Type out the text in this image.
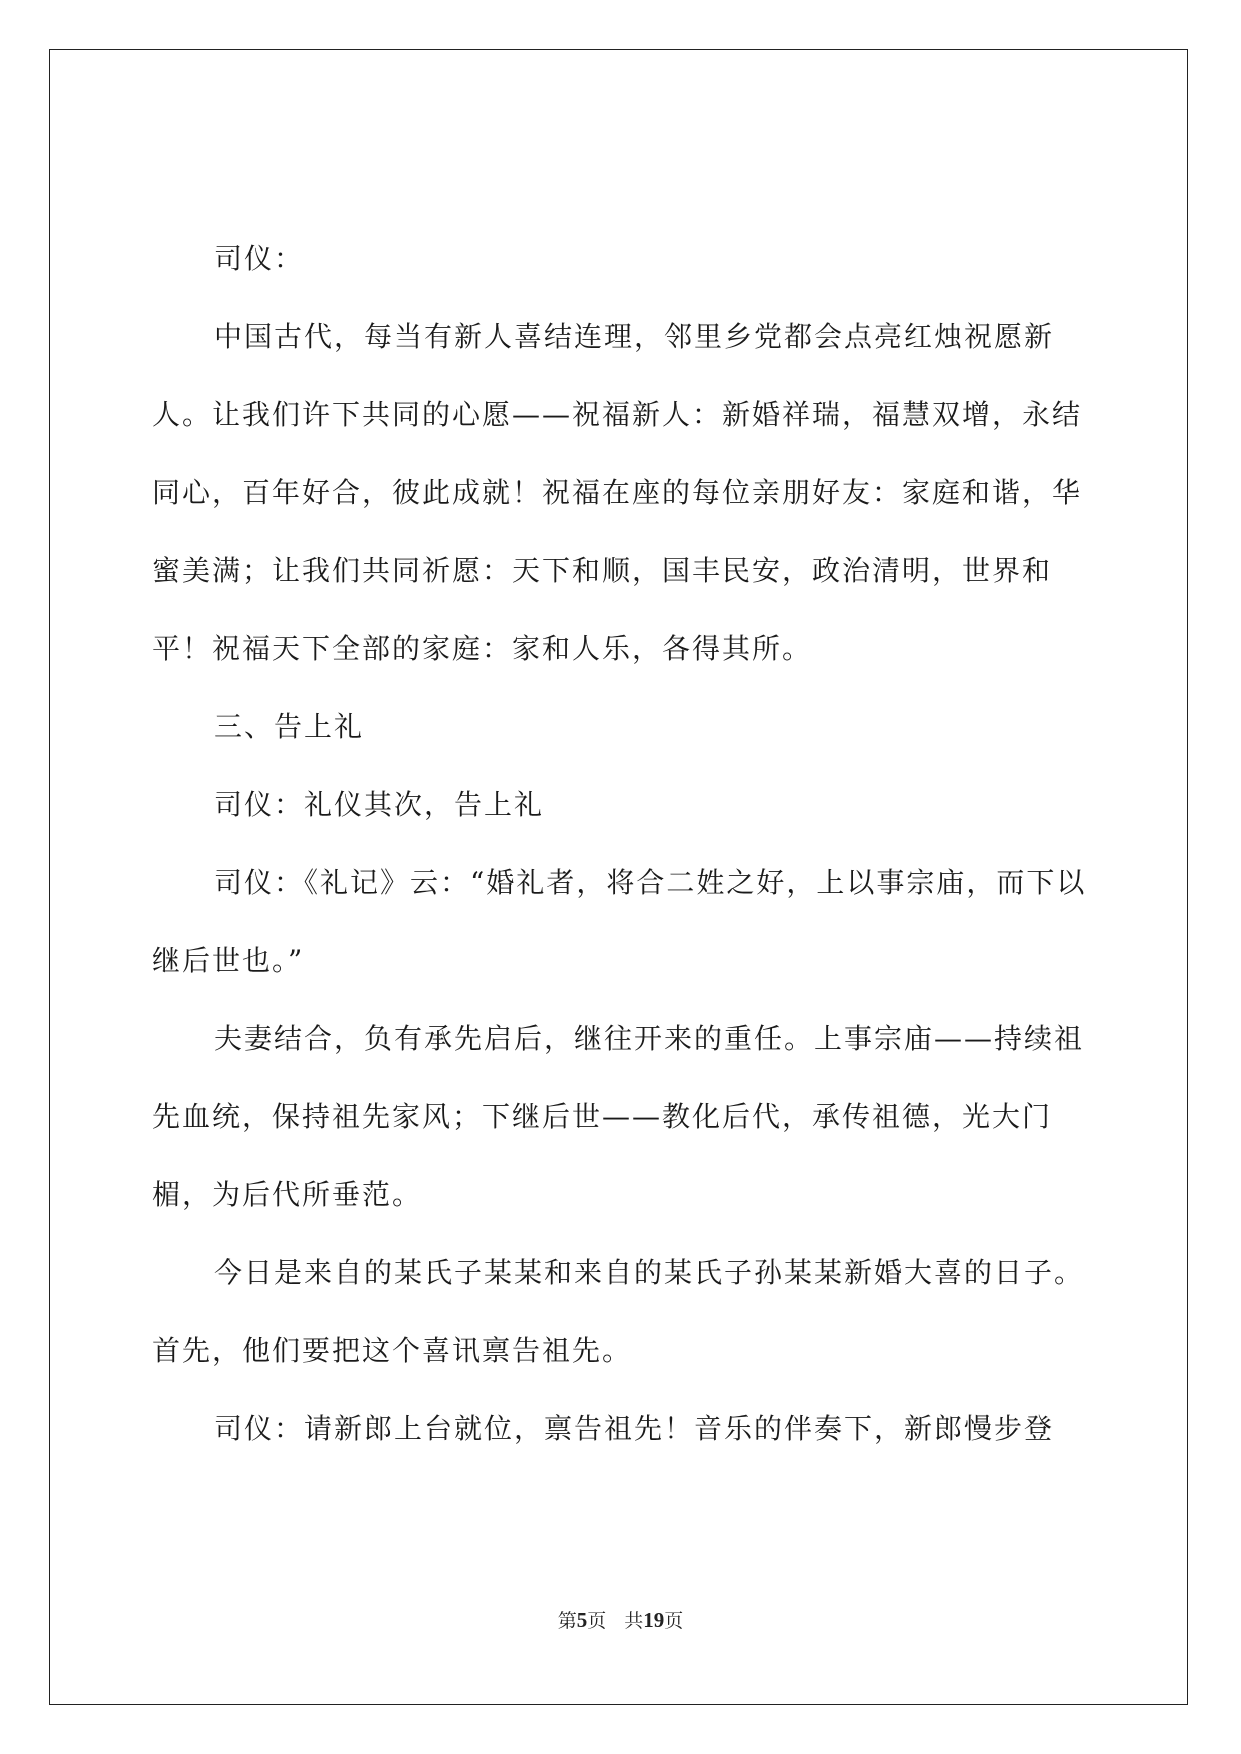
司仪：

中国古代，每当有新人喜结连理，邻里乡党都会点亮红烛祝愿新人。让我们许下共同的心愿——祝福新人：新婚祥瑞，福慧双增，永结同心，百年好合，彼此成就！祝福在座的每位亲朋好友：家庭和谐，华蜜美满；让我们共同祈愿：天下和顺，国丰民安，政治清明，世界和平！祝福天下全部的家庭：家和人乐，各得其所。

三、告上礼

司仪：礼仪其次，告上礼

司仪：《礼记》云：“婚礼者，将合二姓之好，上以事宗庙，而下以继后世也。”

夫妻结合，负有承先启后，继往开来的重任。上事宗庙——持续祖先血统，保持祖先家风；下继后世——教化后代，承传祖德，光大门楣，为后代所垂范。

今日是来自的某氏子某某和来自的某氏子孙某某新婚大喜的日子。首先，他们要把这个喜讯禀告祖先。

司仪：请新郎上台就位，禀告祖先！音乐的伴奏下，新郎慢步登

第5页 共19页
